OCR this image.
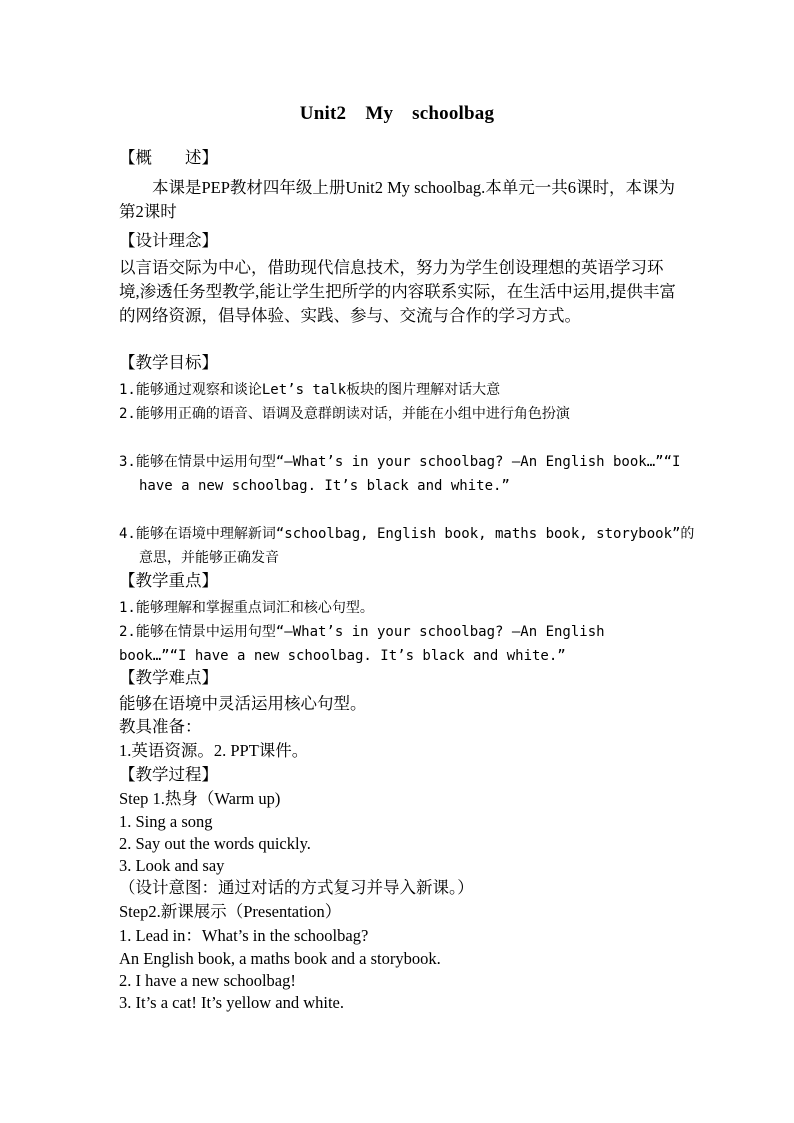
Unit2　My schoolbag
【概　　述】
本课是PEP教材四年级上册Unit2 My schoolbag.本单元一共6课时，本课为第2课时
【设计理念】
以言语交际为中心，借助现代信息技术，努力为学生创设理想的英语学习环境,渗透任务型教学,能让学生把所学的内容联系实际，在生活中运用,提供丰富的网络资源，倡导体验、实践、参与、交流与合作的学习方式。
【教学目标】
1.能够通过观察和谈论Let’s talk板块的图片理解对话大意
2.能够用正确的语音、语调及意群朗读对话，并能在小组中进行角色扮演
3.能够在情景中运用句型“—What’s in your schoolbag? —An English book…”“I have a new schoolbag. It’s black and white.”
4.能够在语境中理解新词“schoolbag, English book, maths book, storybook”的意思，并能够正确发音
【教学重点】
1.能够理解和掌握重点词汇和核心句型。
2.能够在情景中运用句型“—What’s in your schoolbag? —An English book…”“I have a new schoolbag. It’s black and white.”
【教学难点】
能够在语境中灵活运用核心句型。
教具准备：
1.英语资源。2. PPT课件。
【教学过程】
Step 1.热身（Warm up)
1. Sing a song
2. Say out the words quickly.
3. Look and say
（设计意图：通过对话的方式复习并导入新课。）
Step2.新课展示（Presentation）
1. Lead in：What’s in the schoolbag?
An English book, a maths book and a storybook.
2. I have a new schoolbag!
3. It’s a cat! It’s yellow and white.
